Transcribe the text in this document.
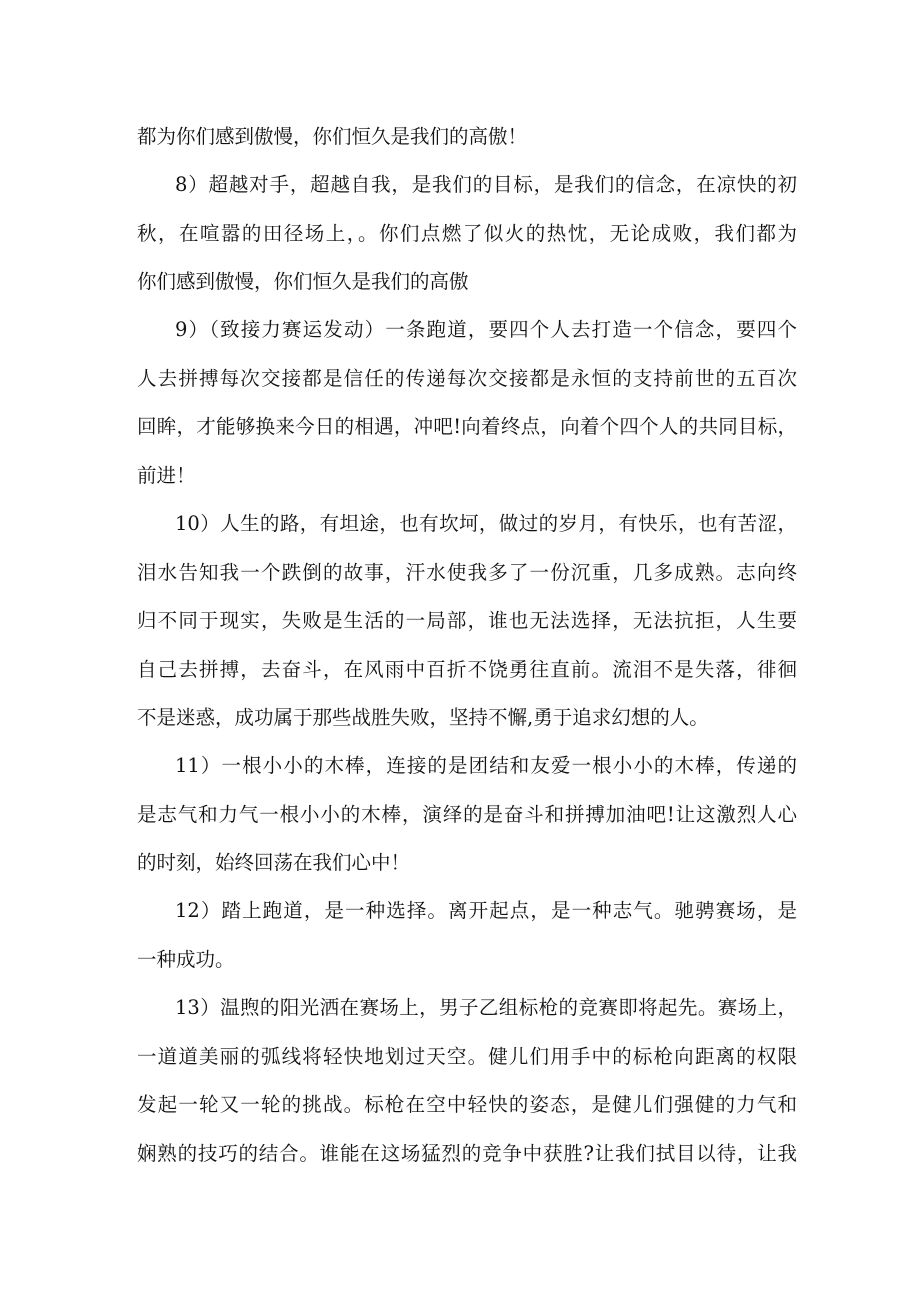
都为你们感到傲慢，你们恒久是我们的高傲！
8）超越对手，超越自我，是我们的目标，是我们的信念，在凉快的初
秋，在喧嚣的田径场上，。你们点燃了似火的热忱，无论成败，我们都为
你们感到傲慢，你们恒久是我们的高傲
9）（致接力赛运发动）一条跑道，要四个人去打造一个信念，要四个
人去拼搏每次交接都是信任的传递每次交接都是永恒的支持前世的五百次
回眸，才能够换来今日的相遇，冲吧!向着终点，向着个四个人的共同目标，
前进！
10）人生的路，有坦途，也有坎坷，做过的岁月，有快乐，也有苦涩，
泪水告知我一个跌倒的故事，汗水使我多了一份沉重，几多成熟。志向终
归不同于现实，失败是生活的一局部，谁也无法选择，无法抗拒，人生要
自己去拼搏，去奋斗，在风雨中百折不饶勇往直前。流泪不是失落，徘徊
不是迷惑，成功属于那些战胜失败，坚持不懈,勇于追求幻想的人。
11）一根小小的木棒，连接的是团结和友爱一根小小的木棒，传递的
是志气和力气一根小小的木棒，演绎的是奋斗和拼搏加油吧!让这激烈人心
的时刻，始终回荡在我们心中！
12）踏上跑道，是一种选择。离开起点，是一种志气。驰骋赛场，是
一种成功。
13）温煦的阳光洒在赛场上，男子乙组标枪的竞赛即将起先。赛场上，
一道道美丽的弧线将轻快地划过天空。健儿们用手中的标枪向距离的权限
发起一轮又一轮的挑战。标枪在空中轻快的姿态，是健儿们强健的力气和
娴熟的技巧的结合。谁能在这场猛烈的竞争中获胜?让我们拭目以待，让我
